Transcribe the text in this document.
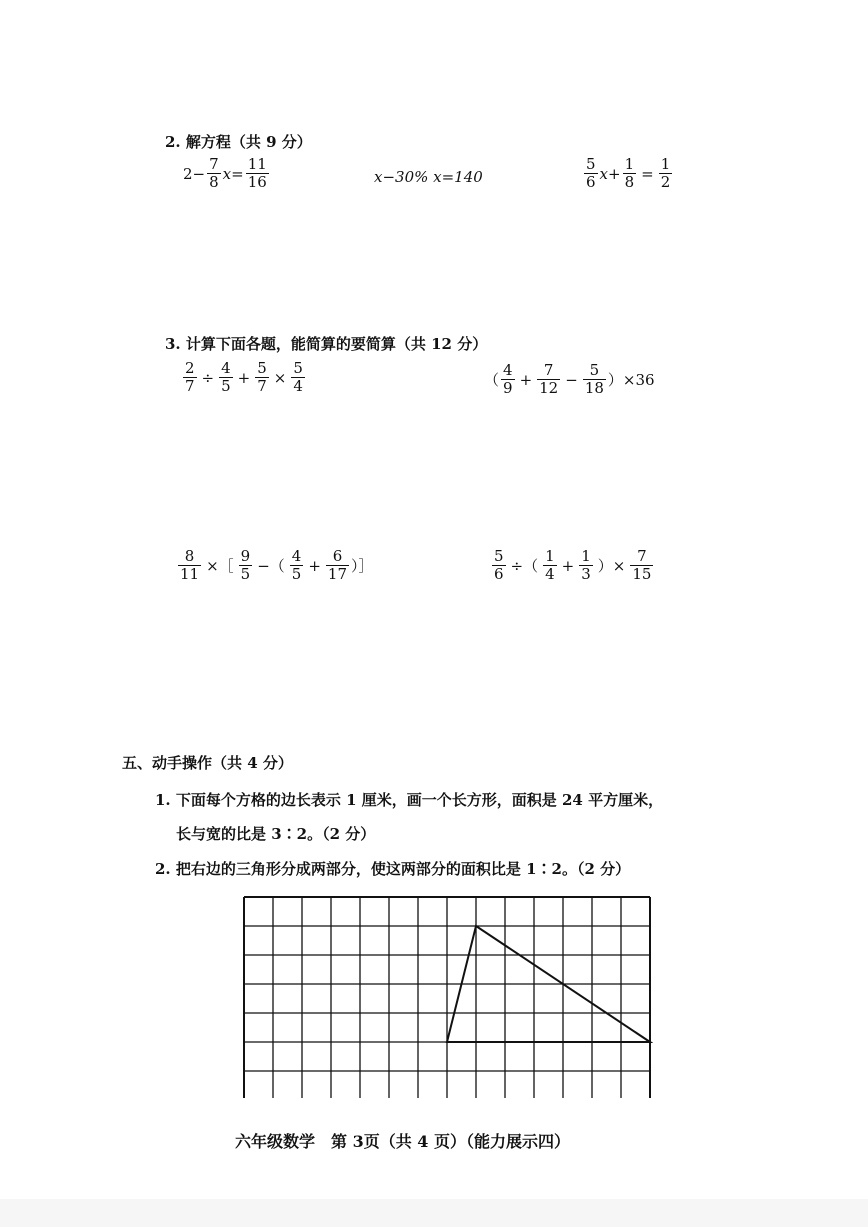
2. 解方程（共 9 分）
$2- \frac{7}{8} x= \frac{11}{16}$	x−30% x=140	$\frac{5}{6} x+ \frac{1}{8} = \frac{1}{2}$
3. 计算下面各题，能简算的要简算（共 12 分）
$\frac{2}{7} \div \frac{4}{5} + \frac{5}{7} \times \frac{5}{4}$	（ $\frac{4}{9} + \frac{7}{12} - \frac{5}{18} )\times 36$
$\frac{8}{11}$ ×［ $\frac{9}{5}$ −（ $\frac{4}{5} + \frac{6}{17}$ ）］	$\frac{5}{6}$ ÷（ $\frac{1}{4} + \frac{1}{3}$ ）× $\frac{7}{15}$
五、动手操作（共 4 分）
1. 下面每个方格的边长表示 1 厘米，画一个长方形，面积是 24 平方厘米，
长与宽的比是 3∶2。（2 分）
2. 把右边的三角形分成两部分，使这两部分的面积比是 1∶2。（2 分）
六年级数学　第 3页（共 4 页）（能力展示四）
